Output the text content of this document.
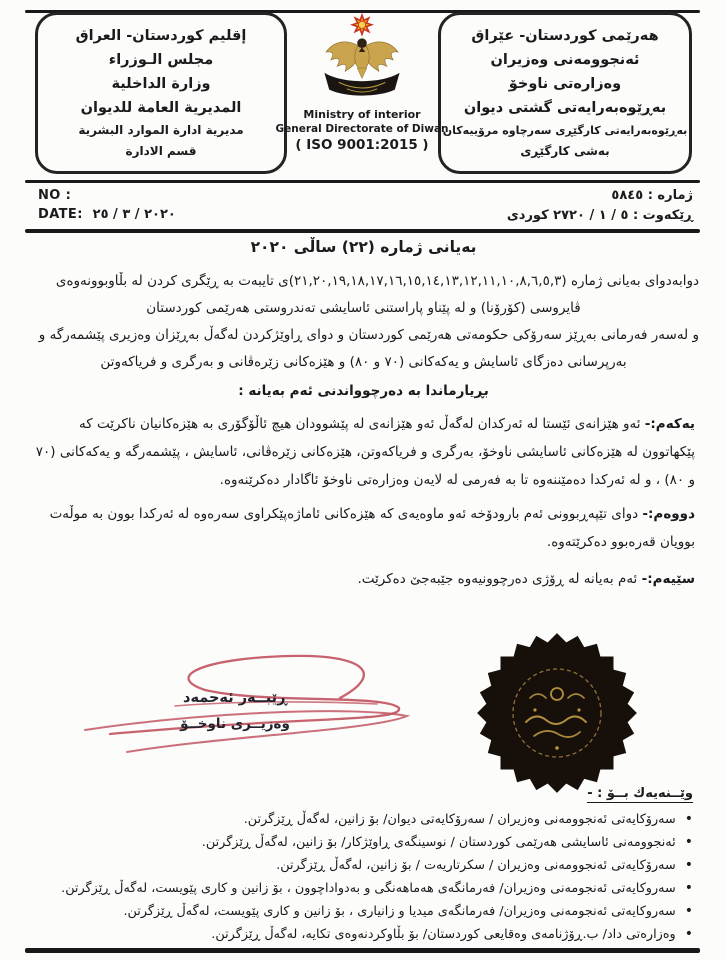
إقليم كوردستان- العراق
مجلس الـوزراء
وزارة الداخلية
المديرية العامة للديوان
مديرية ادارة الموارد البشرية
قسم الادارة
هەرێمی کوردستان- عێراق
ئەنجوومەنی وەزیران
وەزارەتی ناوخۆ
بەڕێوەبەرایەتی گشتی دیوان
بەڕێوەبەرایەتی کارگێڕی سەرچاوە مرۆییەکان
بەشی کارگێڕی
Ministry of interior
General Directorate of Diwan
( ISO 9001:2015 )
NO :
DATE: ٢٠٢٠ / ٣ / ٢٥
ژماره : ٥٨٤٥
ڕێکەوت : ٥ / ١ / ٢٧٢٠ کوردی
بەیانی ژماره (٢٢) ساڵی ٢٠٢٠
دوابەدوای بەیانی ژماره (٢١,٢٠,١٩,١٨,١٧,١٦,١٥,١٤,١٣,١٢,١١,١٠,٨,٦,٥,٣)ی تایبەت بە ڕێگری کردن لە بڵاوبوونەوەی
ڤایروسی (کۆرۆنا) و لە پێناو پاراستنی ئاسایشی تەندروستی هەرێمی کوردستان
و لەسەر فەرمانی بەڕێز سەرۆکی حکومەتی هەرێمی کوردستان و دوای ڕاوێژکردن لەگەڵ بەڕێزان وەزیری پێشمەرگە و
بەرپرسانی دەزگای ئاسایش و یەکەکانی (٧٠ و ٨٠) و هێزەکانی زێرەڤانی و بەرگری و فریاکەوتن
بڕیارماندا بە دەرچوواندنی ئەم بەیانە :
یەکەم:- ئەو هێزانەی ئێستا لە ئەرکدان لەگەڵ ئەو هێزانەی لە پێشوودان هیچ ئاڵۆگۆری بە هێزەکانیان ناکرێت کە پێکهاتوون لە هێزەکانی ئاسایشی ناوخۆ، بەرگری و فریاکەوتن، هێزەکانی زێرەڤانی، ئاسایش ، پێشمەرگە و یەکەکانی (٧٠ و ٨٠) ، و لە ئەرکدا دەمێننەوە تا بە فەرمی لە لایەن وەزارەتی ناوخۆ ئاگادار دەکرێنەوە.
دووەم:- دوای تێپەڕبوونی ئەم بارودۆخە ئەو ماوەیەی کە هێزەکانی ئاماژەپێکراوی سەرەوە لە ئەرکدا بوون بە موڵەت بوویان قەرەبوو دەکرێتەوە.
سێیەم:- ئەم بەیانە لە ڕۆژی دەرچوونیەوە جێبەجێ دەکرێت.
ڕێبــەر ئەحمەد
وەزیــری ناوخــۆ
وێــنەیەك بــۆ : -
• سەرۆکایەتی ئەنجوومەنی وەزیران / سەرۆکایەتی دیوان/ بۆ زانین، لەگەڵ ڕێزگرتن.
• ئەنجوومەنی ئاسایشی هەرێمی کوردستان / نوسینگەی ڕاوێژکار/ بۆ زانین، لەگەڵ ڕێزگرتن.
• سەرۆکایەتی ئەنجوومەنی وەزیران / سکرتاریەت / بۆ زانین، لەگەڵ ڕێزگرتن.
• سەروکایەتی ئەنجومەنی وەزیران/ فەرمانگەی هەماهەنگی و بەدواداچوون ، بۆ زانین و کاری پێویست، لەگەڵ ڕێزگرتن.
• سەروکایەتی ئەنجومەنی وەزیران/ فەرمانگەی میدیا و زانیاری ، بۆ زانین و کاری پێویست، لەگەڵ ڕێزگرتن.
• وەزارەتی داد/ ب.ڕۆژنامەی وەقایعی کوردستان/ بۆ بڵاوکردنەوەی تکایە، لەگەڵ ڕێزگرتن.
